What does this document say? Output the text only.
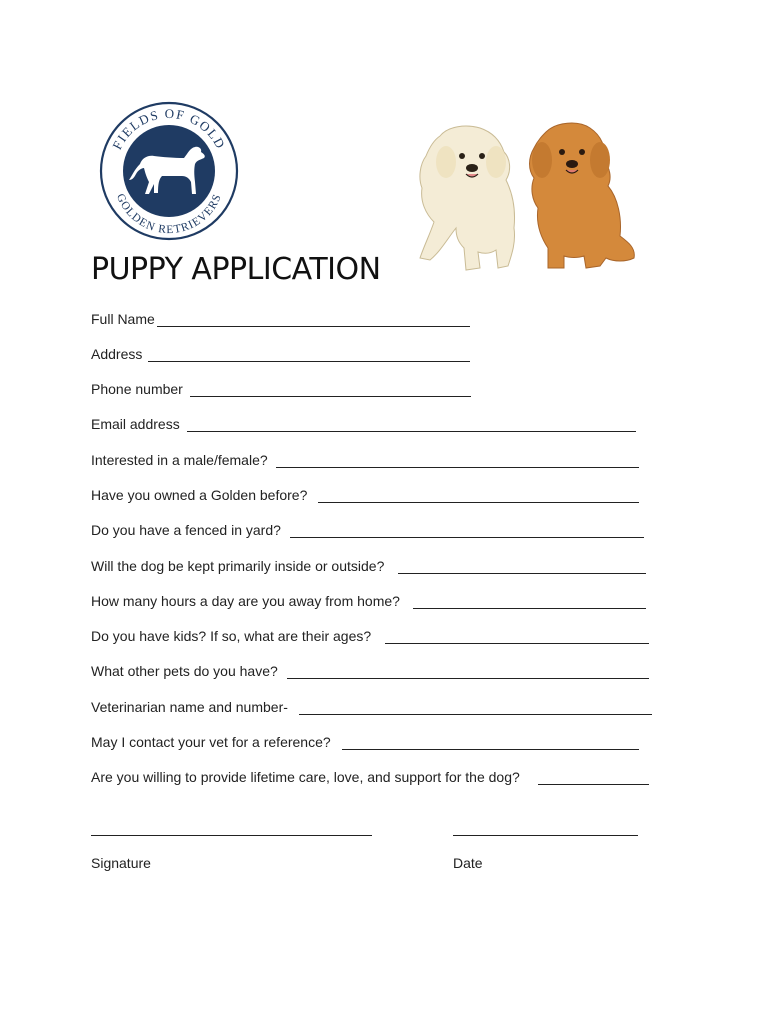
FIELDS OF GOLD
GOLDEN RETRIEVERS
PUPPY APPLICATION
Full Name
Address
Phone number
Email address
Interested in a male/female?
Have you owned a Golden before?
Do you have a fenced in yard?
Will the dog be kept primarily inside or outside?
How many hours a day are you away from home?
Do you have kids? If so, what are their ages?
What other pets do you have?
Veterinarian name and number-
May I contact your vet for a reference?
Are you willing to provide lifetime care, love, and support for the dog?
Signature	Date
